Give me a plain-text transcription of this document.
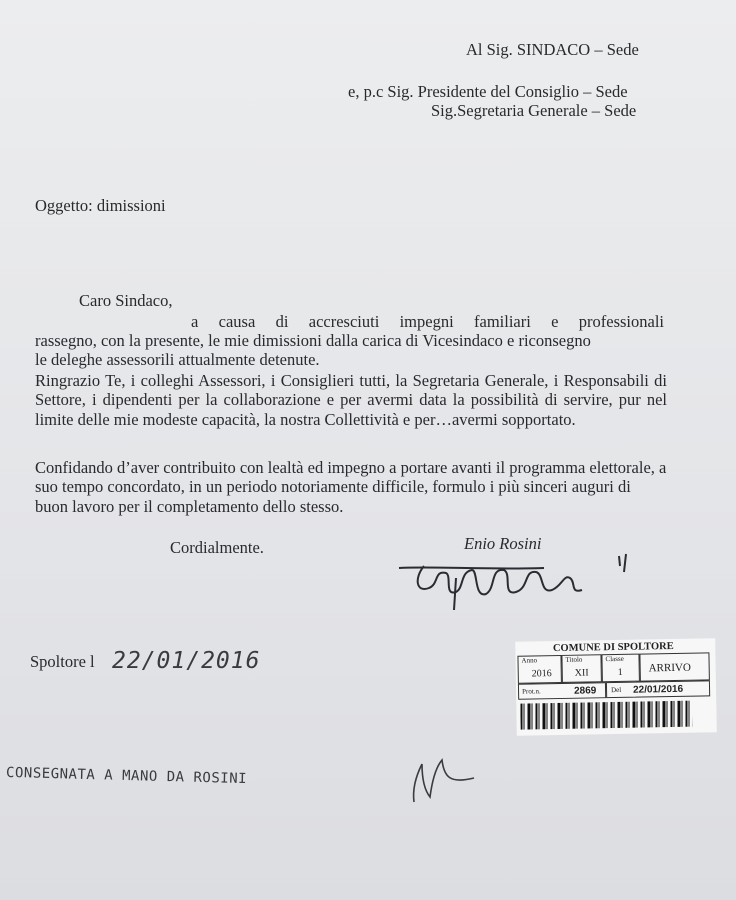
Al Sig. SINDACO – Sede
e, p.c Sig. Presidente del Consiglio – Sede
Sig.Segretaria Generale – Sede
Oggetto: dimissioni
Caro Sindaco,
a causa di accresciuti impegni familiari e professionali
rassegno, con la presente, le mie dimissioni dalla carica di Vicesindaco e riconsegno
le deleghe assessorili attualmente detenute.
Ringrazio Te, i colleghi Assessori, i Consiglieri tutti, la Segretaria Generale, i Responsabili di Settore, i dipendenti per la collaborazione e per avermi data la possibilità di servire, pur nel limite delle mie modeste capacità, la nostra Collettività e per…avermi sopportato.
Confidando d’aver contribuito con lealtà ed impegno a portare avanti il programma elettorale, a suo tempo concordato, in un periodo notoriamente difficile, formulo i più sinceri auguri di buon lavoro per il completamento dello stesso.
Cordialmente.	Enio Rosini
Spoltore l 22/01/2016
CONSEGNATA A MANO DA ROSINI
COMUNE DI SPOLTORE
Anno
2016
Titolo
XII
Classe
1 ARRIVO
Prot.n.	2869 Del 22/01/2016
